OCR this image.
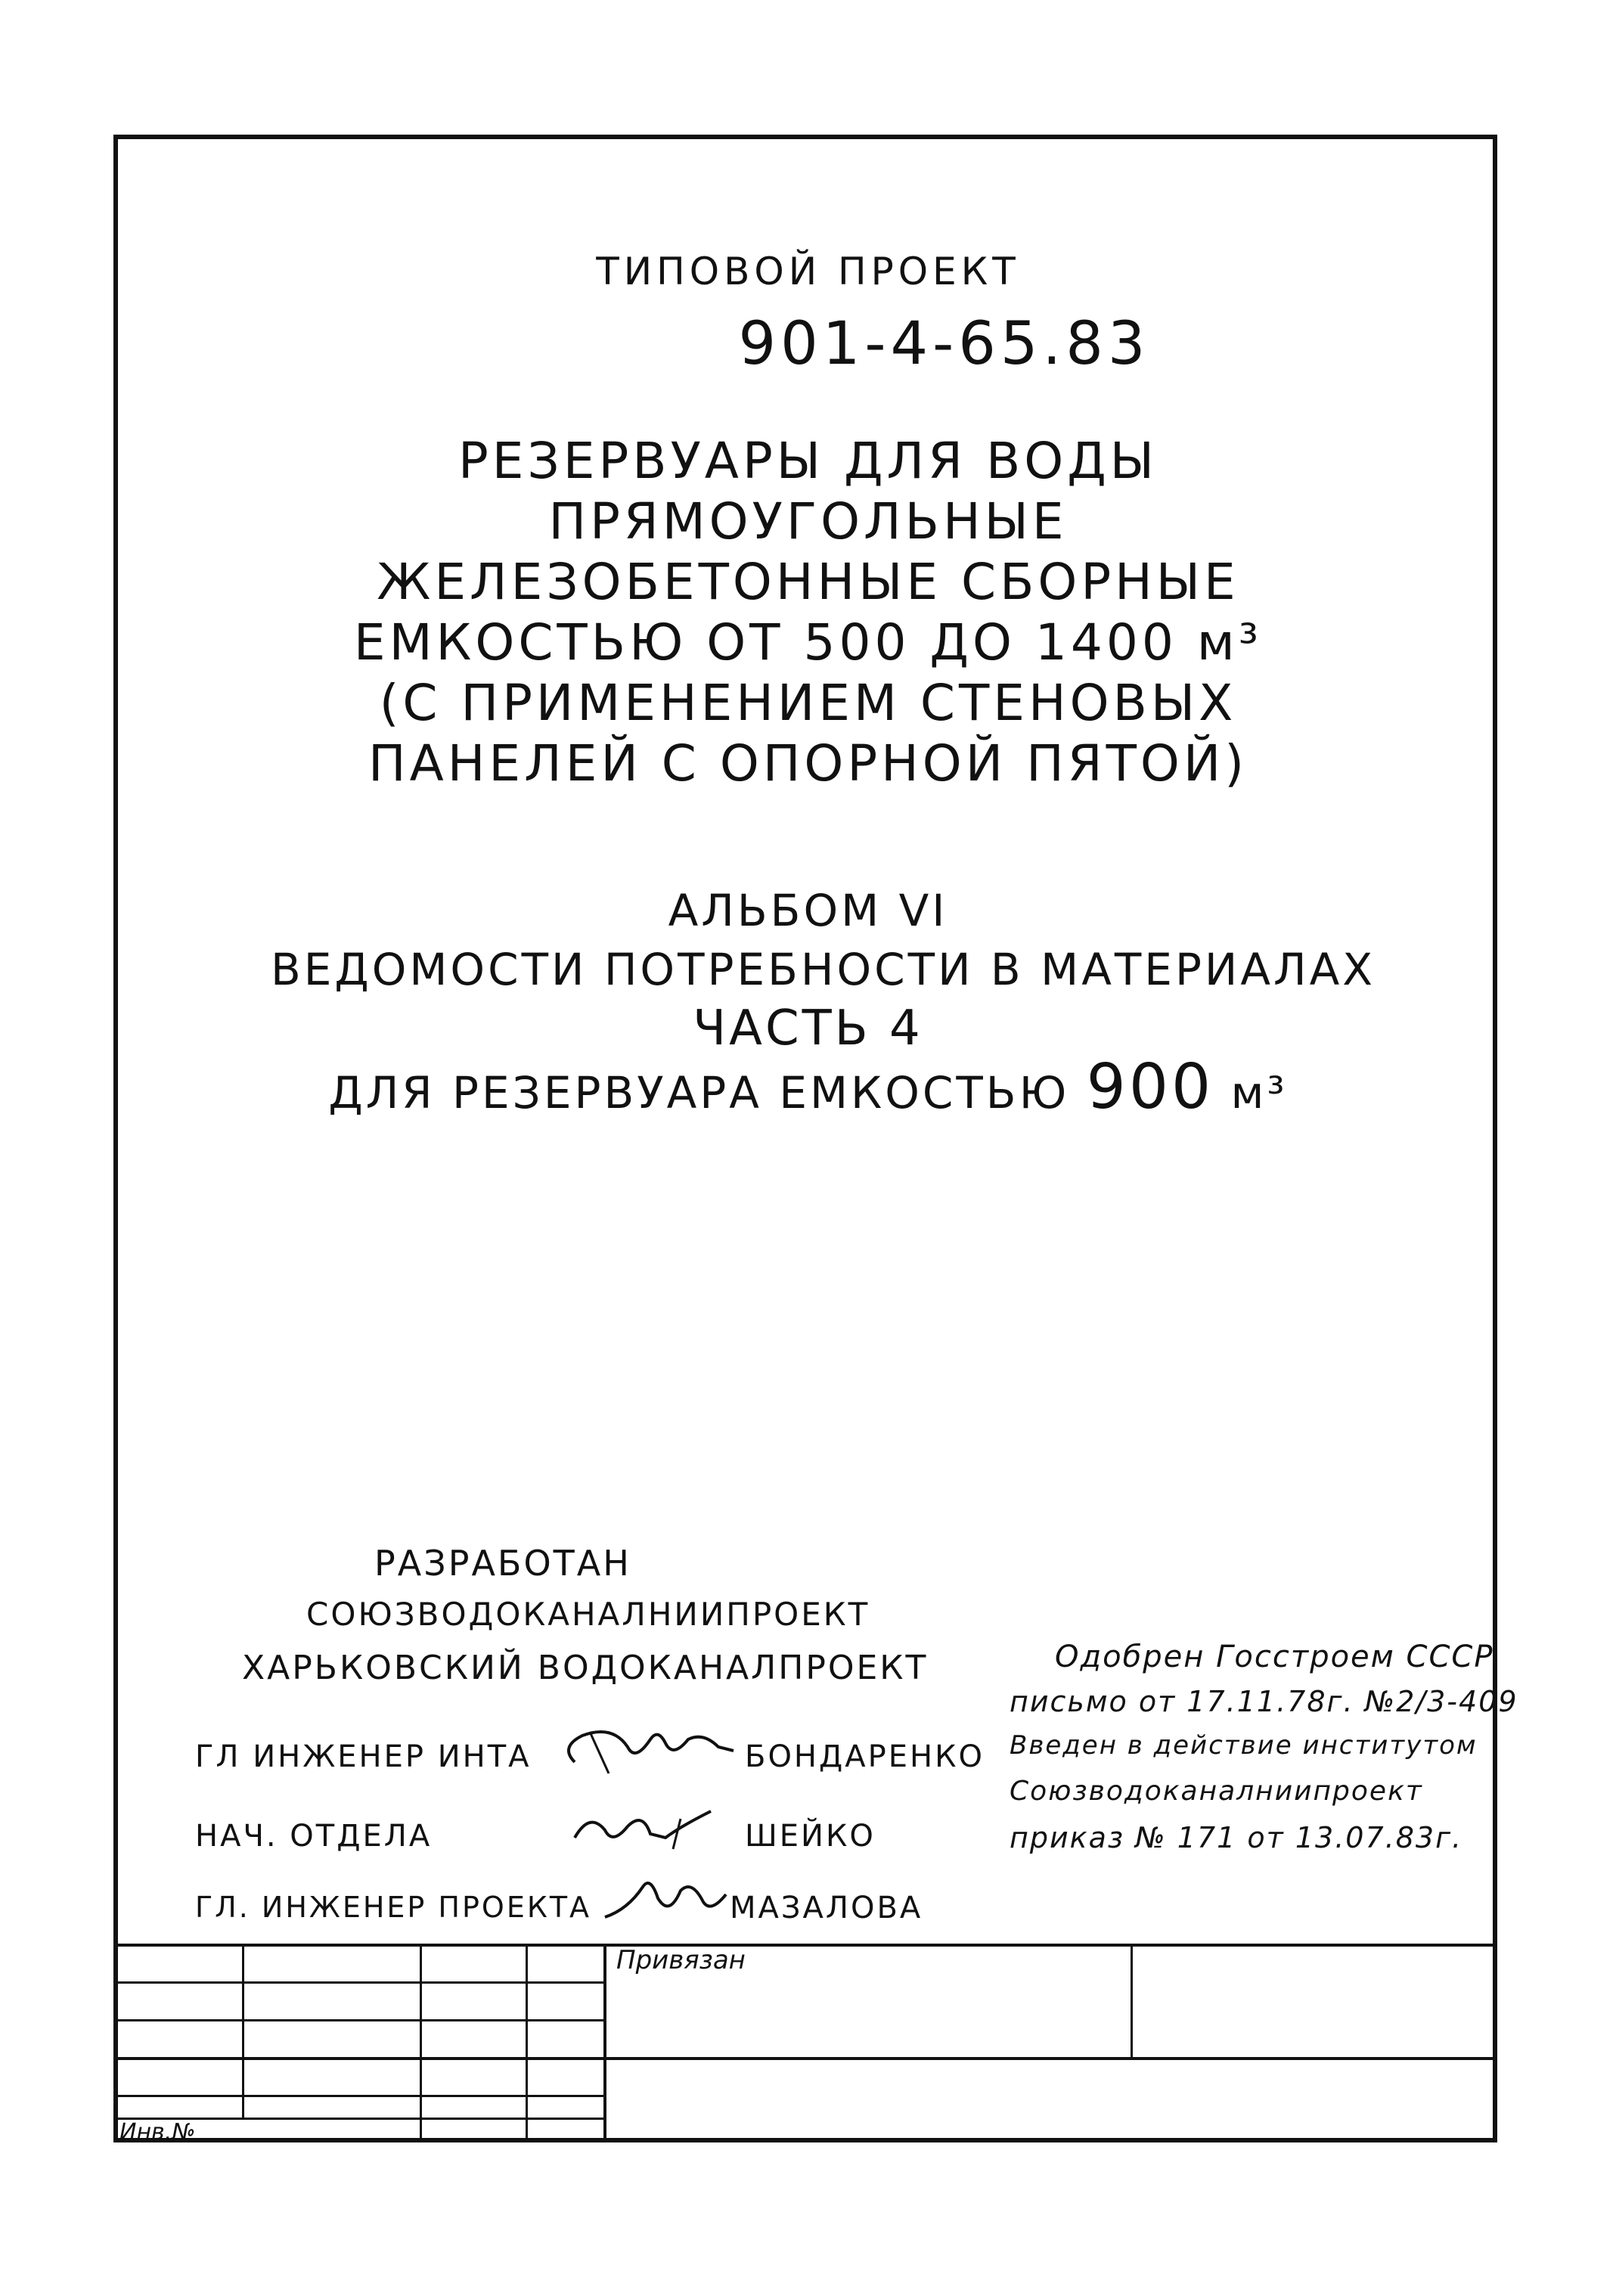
ТИПОВОЙ ПРОЕКТ
901-4-65.83
РЕЗЕРВУАРЫ ДЛЯ ВОДЫ
ПРЯМОУГОЛЬНЫЕ
ЖЕЛЕЗОБЕТОННЫЕ СБОРНЫЕ
ЕМКОСТЬЮ ОТ 500 ДО 1400 м³
(С ПРИМЕНЕНИЕМ СТЕНОВЫХ
ПАНЕЛЕЙ С ОПОРНОЙ ПЯТОЙ)
АЛЬБОМ VI
ВЕДОМОСТИ ПОТРЕБНОСТИ В МАТЕРИАЛАХ
ЧАСТЬ 4
ДЛЯ РЕЗЕРВУАРА ЕМКОСТЬЮ 900 м³
РАЗРАБОТАН
СОЮЗВОДОКАНАЛНИИПРОЕКТ
ХАРЬКОВСКИЙ ВОДОКАНАЛПРОЕКТ
ГЛ ИНЖЕНЕР ИНТА	БОНДАРЕНКО
НАЧ. ОТДЕЛА	ШЕЙКО
ГЛ. ИНЖЕНЕР ПРОЕКТА	МАЗАЛОВА
Одобрен Госстроем СССР
письмо от 17.11.78г. №2/3-409
Введен в действие институтом
Союзводоканалниипроект
приказ № 171 от 13.07.83г.
Привязан
Инв.№
